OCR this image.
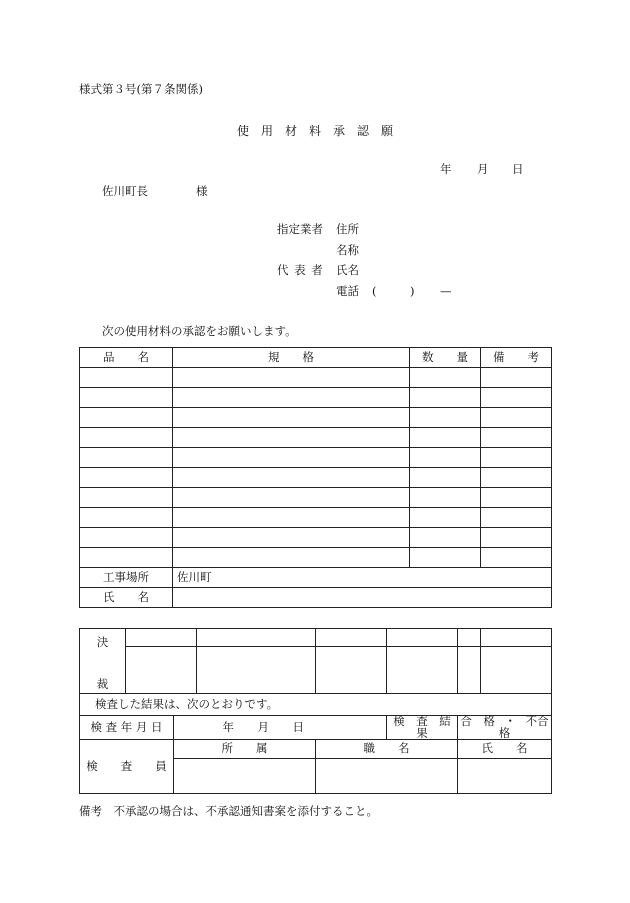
様式第３号(第７条関係)
使　用　材　料　承　認　願
年 月 日
佐川町長	様
指定業者 住所
名称
代 表 者 氏名
電話 (	) —
次の使用材料の承認をお願いします。
品　　名	規　　格	数　　量	備　　考

工事場所	佐川町		
氏　　名			
決
裁							

検査した結果は、次のとおりです。							
検 査 年 月 日		年 月 日			検　査　結　果	合　格 ・ 不合格	
検　　査　　員		所　　属		職　　名		氏　　名	

備考　不承認の場合は、不承認通知書案を添付すること。
